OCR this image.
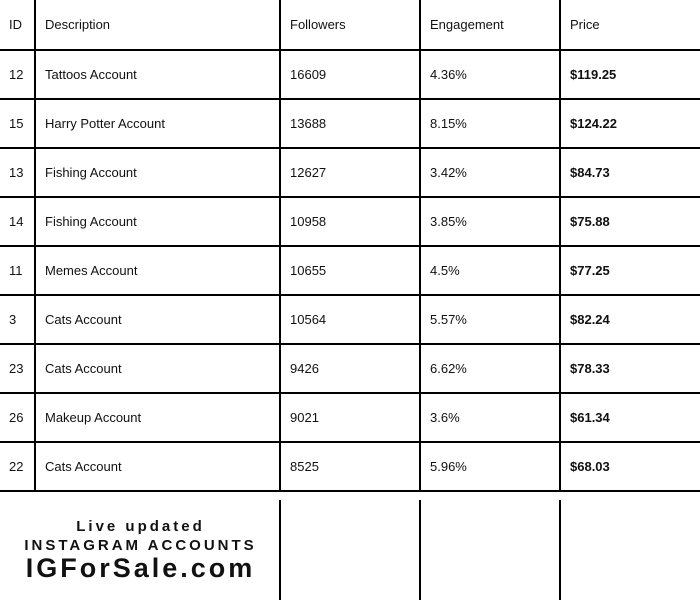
ID	Description	Followers	Engagement	Price
12	Tattoos Account	16609	4.36%	$119.25
15	Harry Potter Account	13688	8.15%	$124.22
13	Fishing Account	12627	3.42%	$84.73
14	Fishing Account	10958	3.85%	$75.88
11	Memes Account	10655	4.5%	$77.25
3	Cats Account	10564	5.57%	$82.24
23	Cats Account	9426	6.62%	$78.33
26	Makeup Account	9021	3.6%	$61.34
22	Cats Account	8525	5.96%	$68.03
Live updated
INSTAGRAM ACCOUNTS
IGForSale.com
